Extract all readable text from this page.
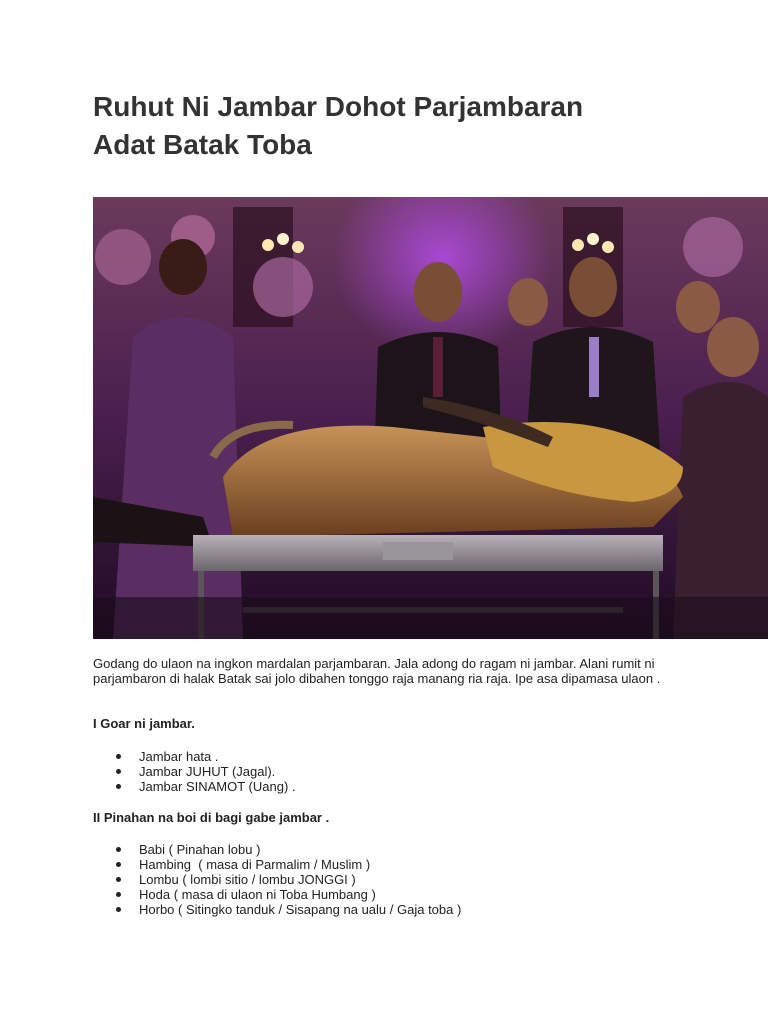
Ruhut Ni Jambar Dohot Parjambaran
Adat Batak Toba

Godang do ulaon na ingkon mardalan parjambaran. Jala adong do ragam ni jambar. Alani rumit ni parjambaron di halak Batak sai jolo dibahen tonggo raja manang ria raja. Ipe asa dipamasa ulaon .

I Goar ni jambar.

Jambar hata .
Jambar JUHUT (Jagal).
Jambar SINAMOT (Uang) .

II Pinahan na boi di bagi gabe jambar .

Babi ( Pinahan lobu )
Hambing  ( masa di Parmalim / Muslim )
Lombu ( lombi sitio / lombu JONGGI )
Hoda ( masa di ulaon ni Toba Humbang )
Horbo ( Sitingko tanduk / Sisapang na ualu / Gaja toba )
